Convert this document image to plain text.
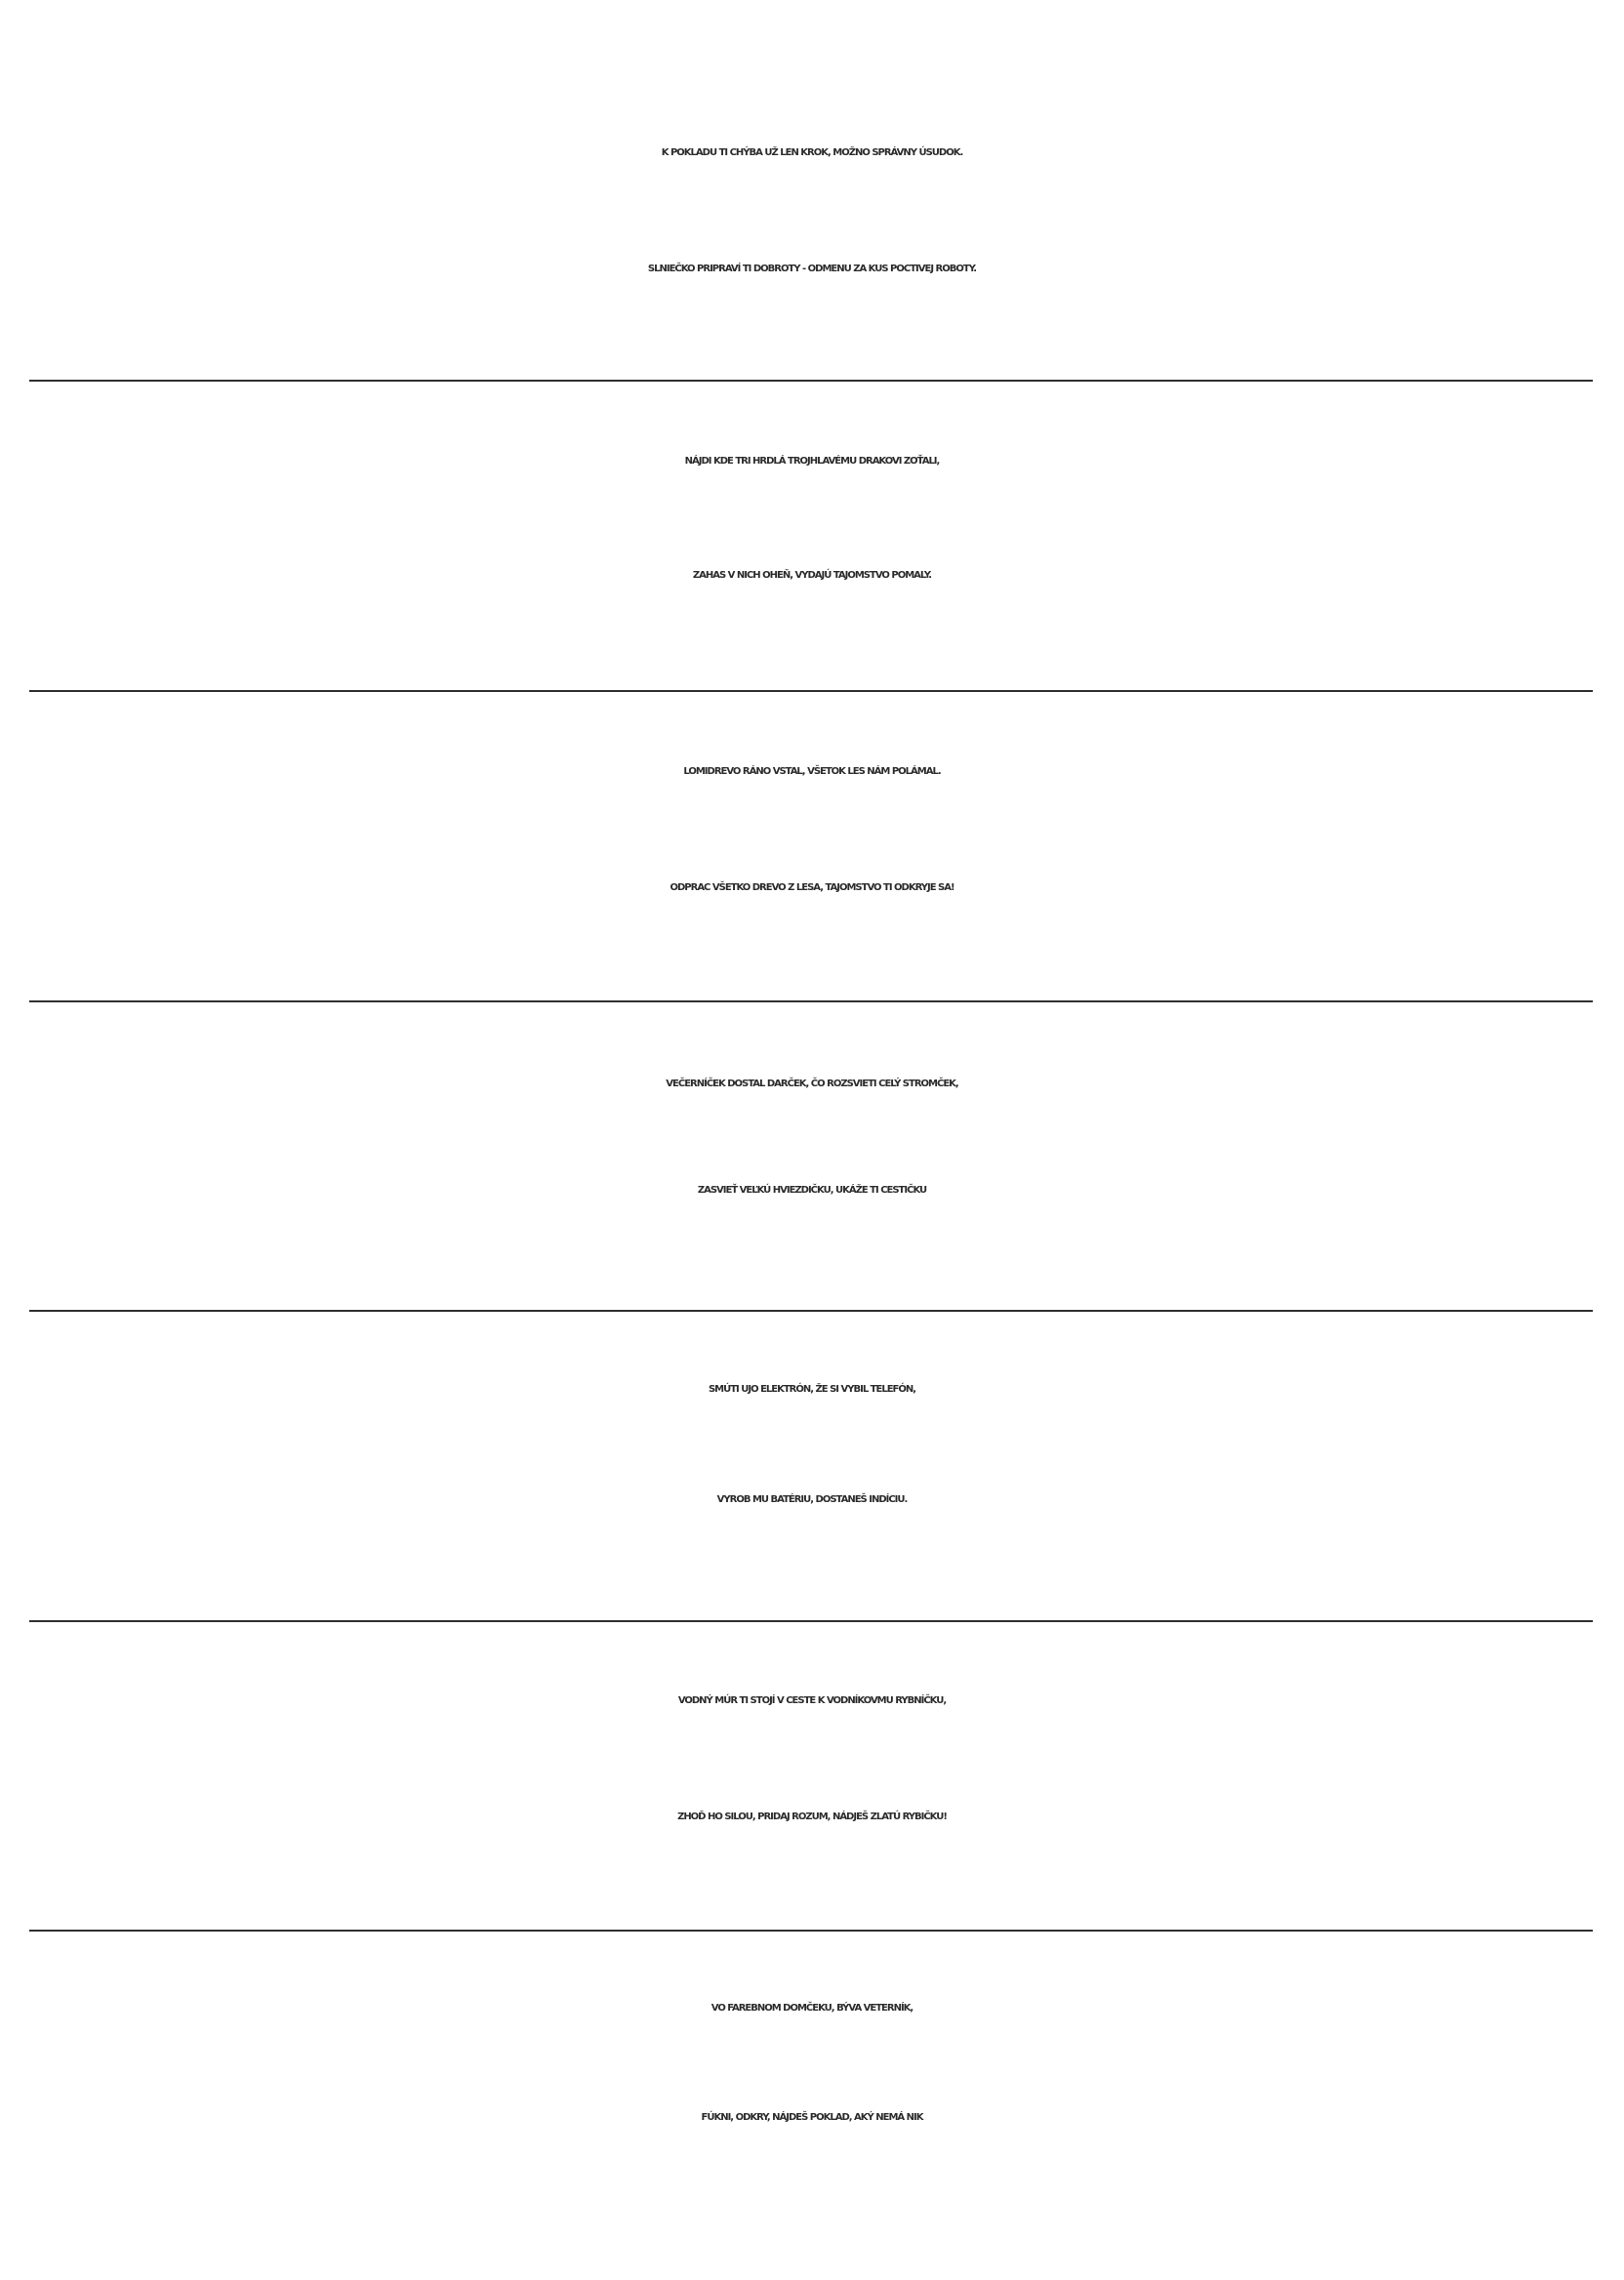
K POKLADU TI CHÝBA UŽ LEN KROK, MOŽNO SPRÁVNY ÚSUDOK.
SLNIEČKO PRIPRAVÍ TI DOBROTY - ODMENU ZA KUS POCTIVEJ ROBOTY.
NÁJDI KDE TRI HRDLÁ TROJHLAVÉMU DRAKOVI ZOŤALI,
ZAHAS V NICH OHEŇ, VYDAJÚ TAJOMSTVO POMALY.
LOMIDREVO RÁNO VSTAL, VŠETOK LES NÁM POLÁMAL.
ODPRAC VŠETKO DREVO Z LESA, TAJOMSTVO TI ODKRYJE SA!
VEČERNÍČEK DOSTAL DARČEK, ČO ROZSVIETI CELÝ STROMČEK,
ZASVIEŤ VEĽKÚ HVIEZDIČKU, UKÁŽE TI CESTIČKU
SMÚTI UJO ELEKTRÓN, ŽE SI VYBIL TELEFÓN,
VYROB MU BATÉRIU, DOSTANEŠ INDÍCIU.
VODNÝ MÚR TI STOJÍ V CESTE K VODNÍKOVMU RYBNÍČKU,
ZHOĎ HO SILOU, PRIDAJ ROZUM, NÁDJEŠ ZLATÚ RYBIČKU!
VO FAREBNOM DOMČEKU, BÝVA VETERNÍK,
FÚKNI, ODKRY, NÁJDEŠ POKLAD, AKÝ NEMÁ NIK
